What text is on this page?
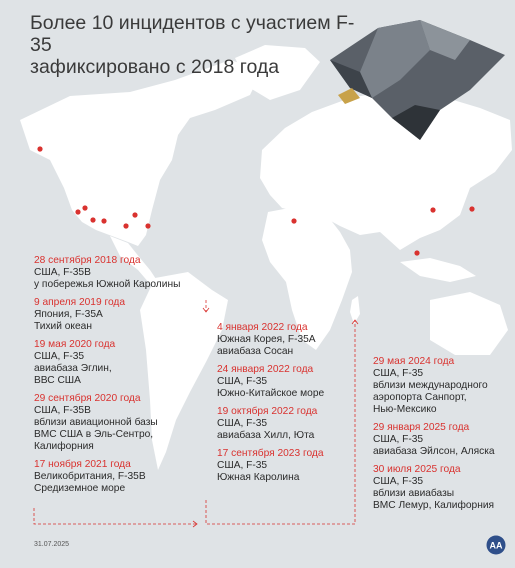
Более 10 инцидентов с участием F-35
зафиксировано с 2018 года
28 сентября 2018 года
США, F-35B
у побережья Южной Каролины
9 апреля 2019 года
Япония, F-35A
Тихий океан
19 мая 2020 года
США, F-35
авиабаза Эглин,
ВВС США
29 сентября 2020 года
США, F-35B
вблизи авиационной базы
ВМС США в Эль-Сентро,
Калифорния
17 ноября 2021 года
Великобритания, F-35B
Средиземное море
4 января 2022 года
Южная Корея, F-35A
авиабаза Сосан
24 января 2022 года
США, F-35
Южно-Китайское море
19 октября 2022 года
США, F-35
авиабаза Хилл, Юта
17 сентября 2023 года
США, F-35
Южная Каролина
29 мая 2024 года
США, F-35
вблизи международного
аэропорта Санпорт,
Нью-Мексико
29 января 2025 года
США, F-35
авиабаза Эйлсон, Аляска
30 июля 2025 года
США, F-35
вблизи авиабазы
ВМС Лемур, Калифорния
31.07.2025	AA
